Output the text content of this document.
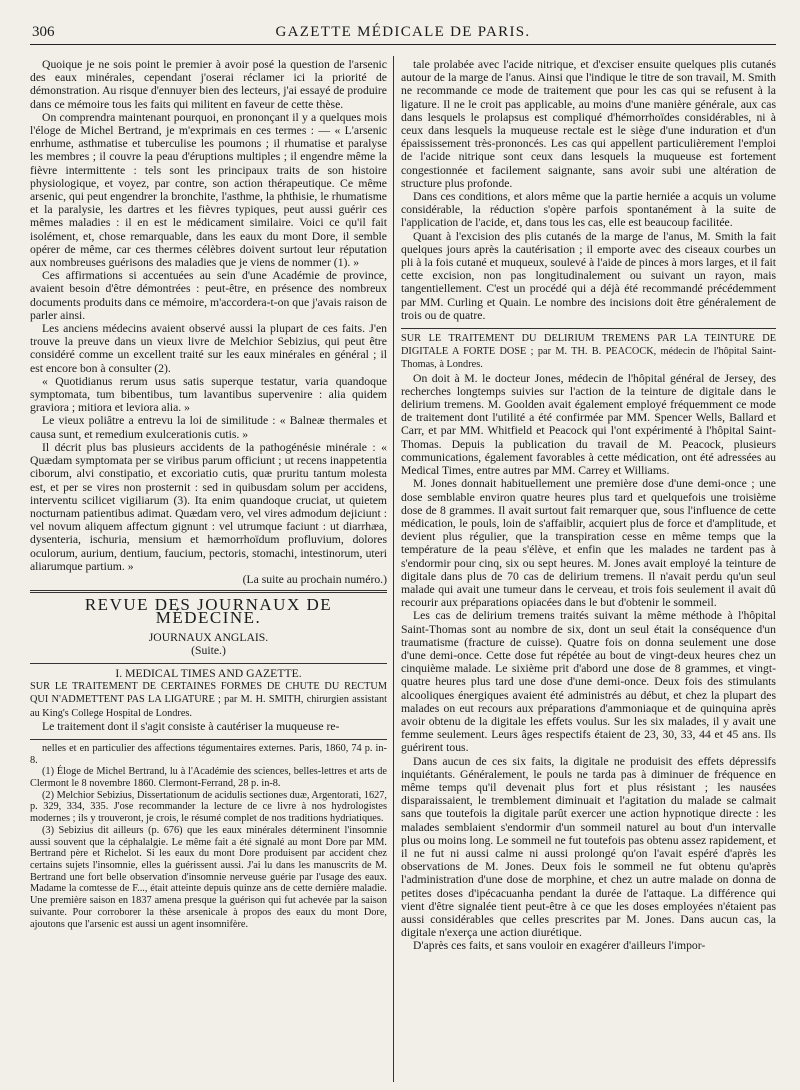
306	GAZETTE MÉDICALE DE PARIS.

Quoique je ne sois point le premier à avoir posé la question de l'arsenic des eaux minérales, cependant j'oserai réclamer ici la priorité de démonstration. Au risque d'ennuyer bien des lecteurs, j'ai essayé de produire dans ce mémoire tous les faits qui militent en faveur de cette thèse.

On comprendra maintenant pourquoi, en prononçant il y a quelques mois l'éloge de Michel Bertrand, je m'exprimais en ces termes : — « L'arsenic enrhume, asthmatise et tuberculise les poumons ; il rhumatise et paralyse les membres ; il couvre la peau d'éruptions multiples ; il engendre même la fièvre intermittente : tels sont les principaux traits de son histoire physiologique, et voyez, par contre, son action thérapeutique. Ce même arsenic, qui peut engendrer la bronchite, l'asthme, la phthisie, le rhumatisme et la paralysie, les dartres et les fièvres typiques, peut aussi guérir ces mêmes maladies : il en est le médicament similaire. Voici ce qu'il fait isolément, et, chose remarquable, dans les eaux du mont Dore, il semble opérer de même, car ces thermes célèbres doivent surtout leur réputation aux nombreuses guérisons des maladies que je viens de nommer (1). »

Ces affirmations si accentuées au sein d'une Académie de province, avaient besoin d'être démontrées : peut-être, en présence des nombreux documents produits dans ce mémoire, m'accordera-t-on que j'avais raison de parler ainsi.

Les anciens médecins avaient observé aussi la plupart de ces faits. J'en trouve la preuve dans un vieux livre de Melchior Sebizius, qui peut être considéré comme un excellent traité sur les eaux minérales en général ; il est encore bon à consulter (2).

« Quotidianus rerum usus satis superque testatur, varia quandoque symptomata, tum bibentibus, tum lavantibus supervenire : alia quidem graviora ; mitiora et leviora alia. »

Le vieux poliâtre a entrevu la loi de similitude : « Balneæ thermales et causa sunt, et remedium exulcerationis cutis. »

Il décrit plus bas plusieurs accidents de la pathogénésie minérale : « Quædam symptomata per se viribus parum officiunt ; ut recens inappetentia ciborum, alvi constipatio, et excoriatio cutis, quæ pruritu tantum molesta est, et per se vires non prosternit : sed in quibusdam solum per accidens, interventu scilicet vigiliarum (3). Ita enim quandoque cruciat, ut quietem nocturnam patientibus adimat. Quædam vero, vel vires admodum dejiciunt : vel novum aliquem affectum gignunt : vel utrumque faciunt : ut diarrhæa, dysenteria, ischuria, mensium et hæmorrhoïdum profluvium, dolores oculorum, aurium, dentium, faucium, pectoris, stomachi, intestinorum, uteri aliarumque partium. »

(La suite au prochain numéro.)

REVUE DES JOURNAUX DE MÉDECINE.

JOURNAUX ANGLAIS.

(Suite.)

I. MEDICAL TIMES AND GAZETTE.

SUR LE TRAITEMENT DE CERTAINES FORMES DE CHUTE DU RECTUM QUI N'ADMETTENT PAS LA LIGATURE ; par M. H. SMITH, chirurgien assistant au King's College Hospital de Londres.

Le traitement dont il s'agit consiste à cautériser la muqueuse re-

nelles et en particulier des affections tégumentaires externes. Paris, 1860, 74 p. in-8.

(1) Éloge de Michel Bertrand, lu à l'Académie des sciences, belles-lettres et arts de Clermont le 8 novembre 1860. Clermont-Ferrand, 28 p. in-8.

(2) Melchior Sebizius, Dissertationum de acidulis sectiones duæ, Argentorati, 1627, p. 329, 334, 335. J'ose recommander la lecture de ce livre à nos hydrologistes modernes ; ils y trouveront, je crois, le résumé complet de nos traditions hydriatiques.

(3) Sebizius dit ailleurs (p. 676) que les eaux minérales déterminent l'insomnie aussi souvent que la céphalalgie. Le même fait a été signalé au mont Dore par MM. Bertrand père et Richelot. Si les eaux du mont Dore produisent par accident chez certains sujets l'insomnie, elles la guérissent aussi. J'ai lu dans les manuscrits de M. Bertrand une fort belle observation d'insomnie nerveuse guérie par l'usage des eaux. Madame la comtesse de F..., était atteinte depuis quinze ans de cette dernière maladie. Une première saison en 1837 amena presque la guérison qui fut achevée par la saison suivante. Pour corroborer la thèse arsenicale à propos des eaux du mont Dore, ajoutons que l'arsenic est aussi un agent insomnifère.

tale prolabée avec l'acide nitrique, et d'exciser ensuite quelques plis cutanés autour de la marge de l'anus. Ainsi que l'indique le titre de son travail, M. Smith ne recommande ce mode de traitement que pour les cas qui se refusent à la ligature. Il ne le croit pas applicable, au moins d'une manière générale, aux cas dans lesquels le prolapsus est compliqué d'hémorrhoïdes considérables, ni à ceux dans lesquels la muqueuse rectale est le siège d'une induration et d'un épaississement très-prononcés. Les cas qui appellent particulièrement l'emploi de l'acide nitrique sont ceux dans lesquels la muqueuse est fortement congestionnée et facilement saignante, sans avoir subi une altération de structure plus profonde.

Dans ces conditions, et alors même que la partie herniée a acquis un volume considérable, la réduction s'opère parfois spontanément à la suite de l'application de l'acide, et, dans tous les cas, elle est beaucoup facilitée.

Quant à l'excision des plis cutanés de la marge de l'anus, M. Smith la fait quelques jours après la cautérisation ; il emporte avec des ciseaux courbes un pli à la fois cutané et muqueux, soulevé à l'aide de pinces à mors larges, et il fait cette excision, non pas longitudinalement ou suivant un rayon, mais tangentiellement. C'est un procédé qui a déjà été recommandé précédemment par MM. Curling et Quain. Le nombre des incisions doit être généralement de trois ou de quatre.

SUR LE TRAITEMENT DU DELIRIUM TREMENS PAR LA TEINTURE DE DIGITALE A FORTE DOSE ; par M. TH. B. PEACOCK, médecin de l'hôpital Saint-Thomas, à Londres.

On doit à M. le docteur Jones, médecin de l'hôpital général de Jersey, des recherches longtemps suivies sur l'action de la teinture de digitale dans le delirium tremens. M. Goolden avait également employé fréquemment ce mode de traitement dont l'utilité a été confirmée par MM. Spencer Wells, Ballard et Carr, et par MM. Whitfield et Peacock qui l'ont expérimenté à l'hôpital Saint-Thomas. Depuis la publication du travail de M. Peacock, plusieurs communications, également favorables à cette médication, ont été adressées au Medical Times, entre autres par MM. Carrey et Williams.

M. Jones donnait habituellement une première dose d'une demi-once ; une dose semblable environ quatre heures plus tard et quelquefois une troisième dose de 8 grammes. Il avait surtout fait remarquer que, sous l'influence de cette médication, le pouls, loin de s'affaiblir, acquiert plus de force et d'amplitude, et devient plus régulier, que la transpiration cesse en même temps que la température de la peau s'élève, et enfin que les malades ne tardent pas à s'endormir pour cinq, six ou sept heures. M. Jones avait employé la teinture de digitale dans plus de 70 cas de delirium tremens. Il n'avait perdu qu'un seul malade qui avait une tumeur dans le cerveau, et trois fois seulement il avait dû recourir aux préparations opiacées dans le but d'obtenir le sommeil.

Les cas de delirium tremens traités suivant la même méthode à l'hôpital Saint-Thomas sont au nombre de six, dont un seul était la conséquence d'un traumatisme (fracture de cuisse). Quatre fois on donna seulement une dose d'une demi-once. Cette dose fut répétée au bout de vingt-deux heures chez un cinquième malade. Le sixième prit d'abord une dose de 8 grammes, et vingt-quatre heures plus tard une dose d'une demi-once. Deux fois des stimulants alcooliques énergiques avaient été administrés au début, et chez la plupart des malades on eut recours aux préparations d'ammoniaque et de quinquina après avoir obtenu de la digitale les effets voulus. Sur les six malades, il y avait une femme seulement. Leurs âges respectifs étaient de 23, 30, 33, 44 et 45 ans. Ils guérirent tous.

Dans aucun de ces six faits, la digitale ne produisit des effets dépressifs inquiétants. Généralement, le pouls ne tarda pas à diminuer de fréquence en même temps qu'il devenait plus fort et plus résistant ; les nausées disparaissaient, le tremblement diminuait et l'agitation du malade se calmait sans que toutefois la digitale parût exercer une action hypnotique directe : les malades semblaient s'endormir d'un sommeil naturel au bout d'un intervalle plus ou moins long. Le sommeil ne fut toutefois pas obtenu assez rapidement, et il ne fut ni aussi calme ni aussi prolongé qu'on l'avait espéré d'après les observations de M. Jones. Deux fois le sommeil ne fut obtenu qu'après l'administration d'une dose de morphine, et chez un autre malade on donna de petites doses d'ipécacuanha pendant la durée de l'attaque. La différence qui vient d'être signalée tient peut-être à ce que les doses employées n'étaient pas aussi considérables que celles prescrites par M. Jones. Dans aucun cas, la digitale n'exerça une action diurétique.

D'après ces faits, et sans vouloir en exagérer d'ailleurs l'impor-
